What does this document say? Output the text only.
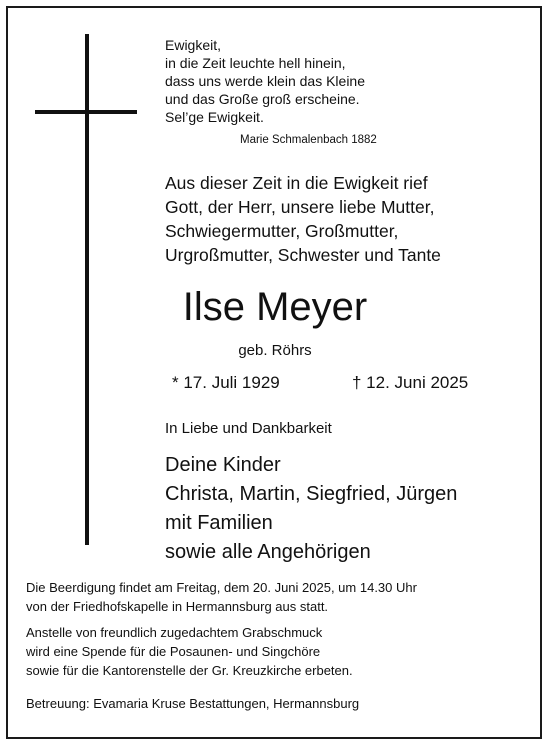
Ewigkeit,
in die Zeit leuchte hell hinein,
dass uns werde klein das Kleine
und das Große groß erscheine.
Sel’ge Ewigkeit.
Marie Schmalenbach 1882
Aus dieser Zeit in die Ewigkeit rief
Gott, der Herr, unsere liebe Mutter,
Schwiegermutter, Großmutter,
Urgroßmutter, Schwester und Tante
Ilse Meyer
geb. Röhrs
* 17. Juli 1929	† 12. Juni 2025
In Liebe und Dankbarkeit
Deine Kinder
Christa, Martin, Siegfried, Jürgen
mit Familien
sowie alle Angehörigen
Die Beerdigung findet am Freitag, dem 20. Juni 2025, um 14.30 Uhr
von der Friedhofskapelle in Hermannsburg aus statt.
Anstelle von freundlich zugedachtem Grabschmuck
wird eine Spende für die Posaunen- und Singchöre
sowie für die Kantorenstelle der Gr. Kreuzkirche erbeten.
Betreuung: Evamaria Kruse Bestattungen, Hermannsburg
